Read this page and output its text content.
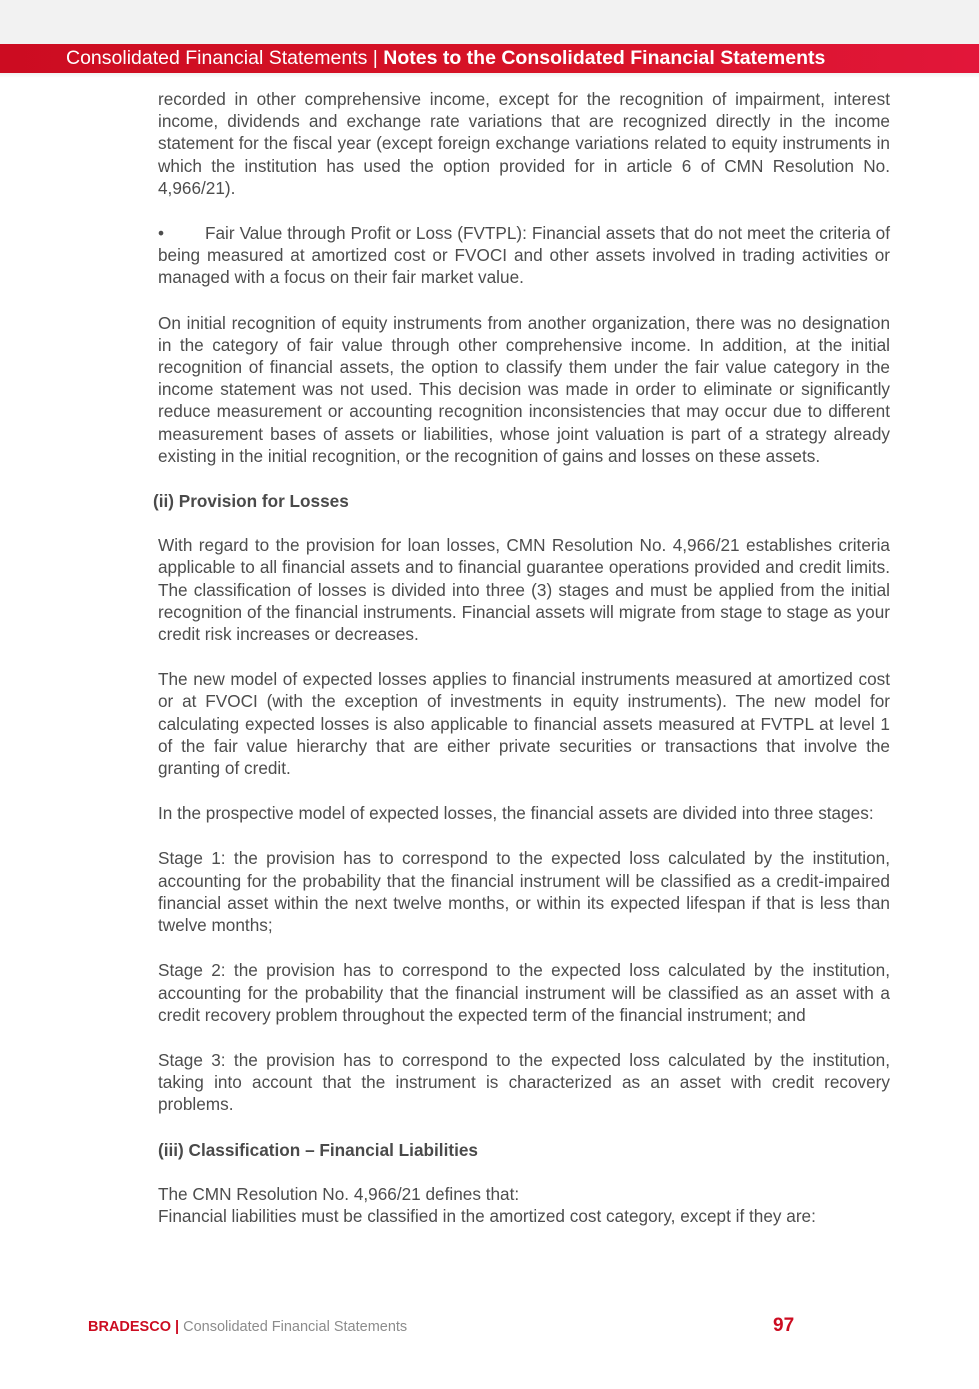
Consolidated Financial Statements | Notes to the Consolidated Financial Statements

recorded in other comprehensive income, except for the recognition of impairment, interest income, dividends and exchange rate variations that are recognized directly in the income statement for the fiscal year (except foreign exchange variations related to equity instruments in which the institution has used the option provided for in article 6 of CMN Resolution No. 4,966/21).

• Fair Value through Profit or Loss (FVTPL): Financial assets that do not meet the criteria of being measured at amortized cost or FVOCI and other assets involved in trading activities or managed with a focus on their fair market value.

On initial recognition of equity instruments from another organization, there was no designation in the category of fair value through other comprehensive income. In addition, at the initial recognition of financial assets, the option to classify them under the fair value category in the income statement was not used. This decision was made in order to eliminate or significantly reduce measurement or accounting recognition inconsistencies that may occur due to different measurement bases of assets or liabilities, whose joint valuation is part of a strategy already existing in the initial recognition, or the recognition of gains and losses on these assets.

(ii) Provision for Losses

With regard to the provision for loan losses, CMN Resolution No. 4,966/21 establishes criteria applicable to all financial assets and to financial guarantee operations provided and credit limits. The classification of losses is divided into three (3) stages and must be applied from the initial recognition of the financial instruments. Financial assets will migrate from stage to stage as your credit risk increases or decreases.

The new model of expected losses applies to financial instruments measured at amortized cost or at FVOCI (with the exception of investments in equity instruments). The new model for calculating expected losses is also applicable to financial assets measured at FVTPL at level 1 of the fair value hierarchy that are either private securities or transactions that involve the granting of credit.

In the prospective model of expected losses, the financial assets are divided into three stages:

Stage 1: the provision has to correspond to the expected loss calculated by the institution, accounting for the probability that the financial instrument will be classified as a credit-impaired financial asset within the next twelve months, or within its expected lifespan if that is less than twelve months;

Stage 2: the provision has to correspond to the expected loss calculated by the institution, accounting for the probability that the financial instrument will be classified as an asset with a credit recovery problem throughout the expected term of the financial instrument; and

Stage 3: the provision has to correspond to the expected loss calculated by the institution, taking into account that the instrument is characterized as an asset with credit recovery problems.

(iii) Classification – Financial Liabilities

The CMN Resolution No. 4,966/21 defines that:

Financial liabilities must be classified in the amortized cost category, except if they are:

BRADESCO | Consolidated Financial Statements	97
